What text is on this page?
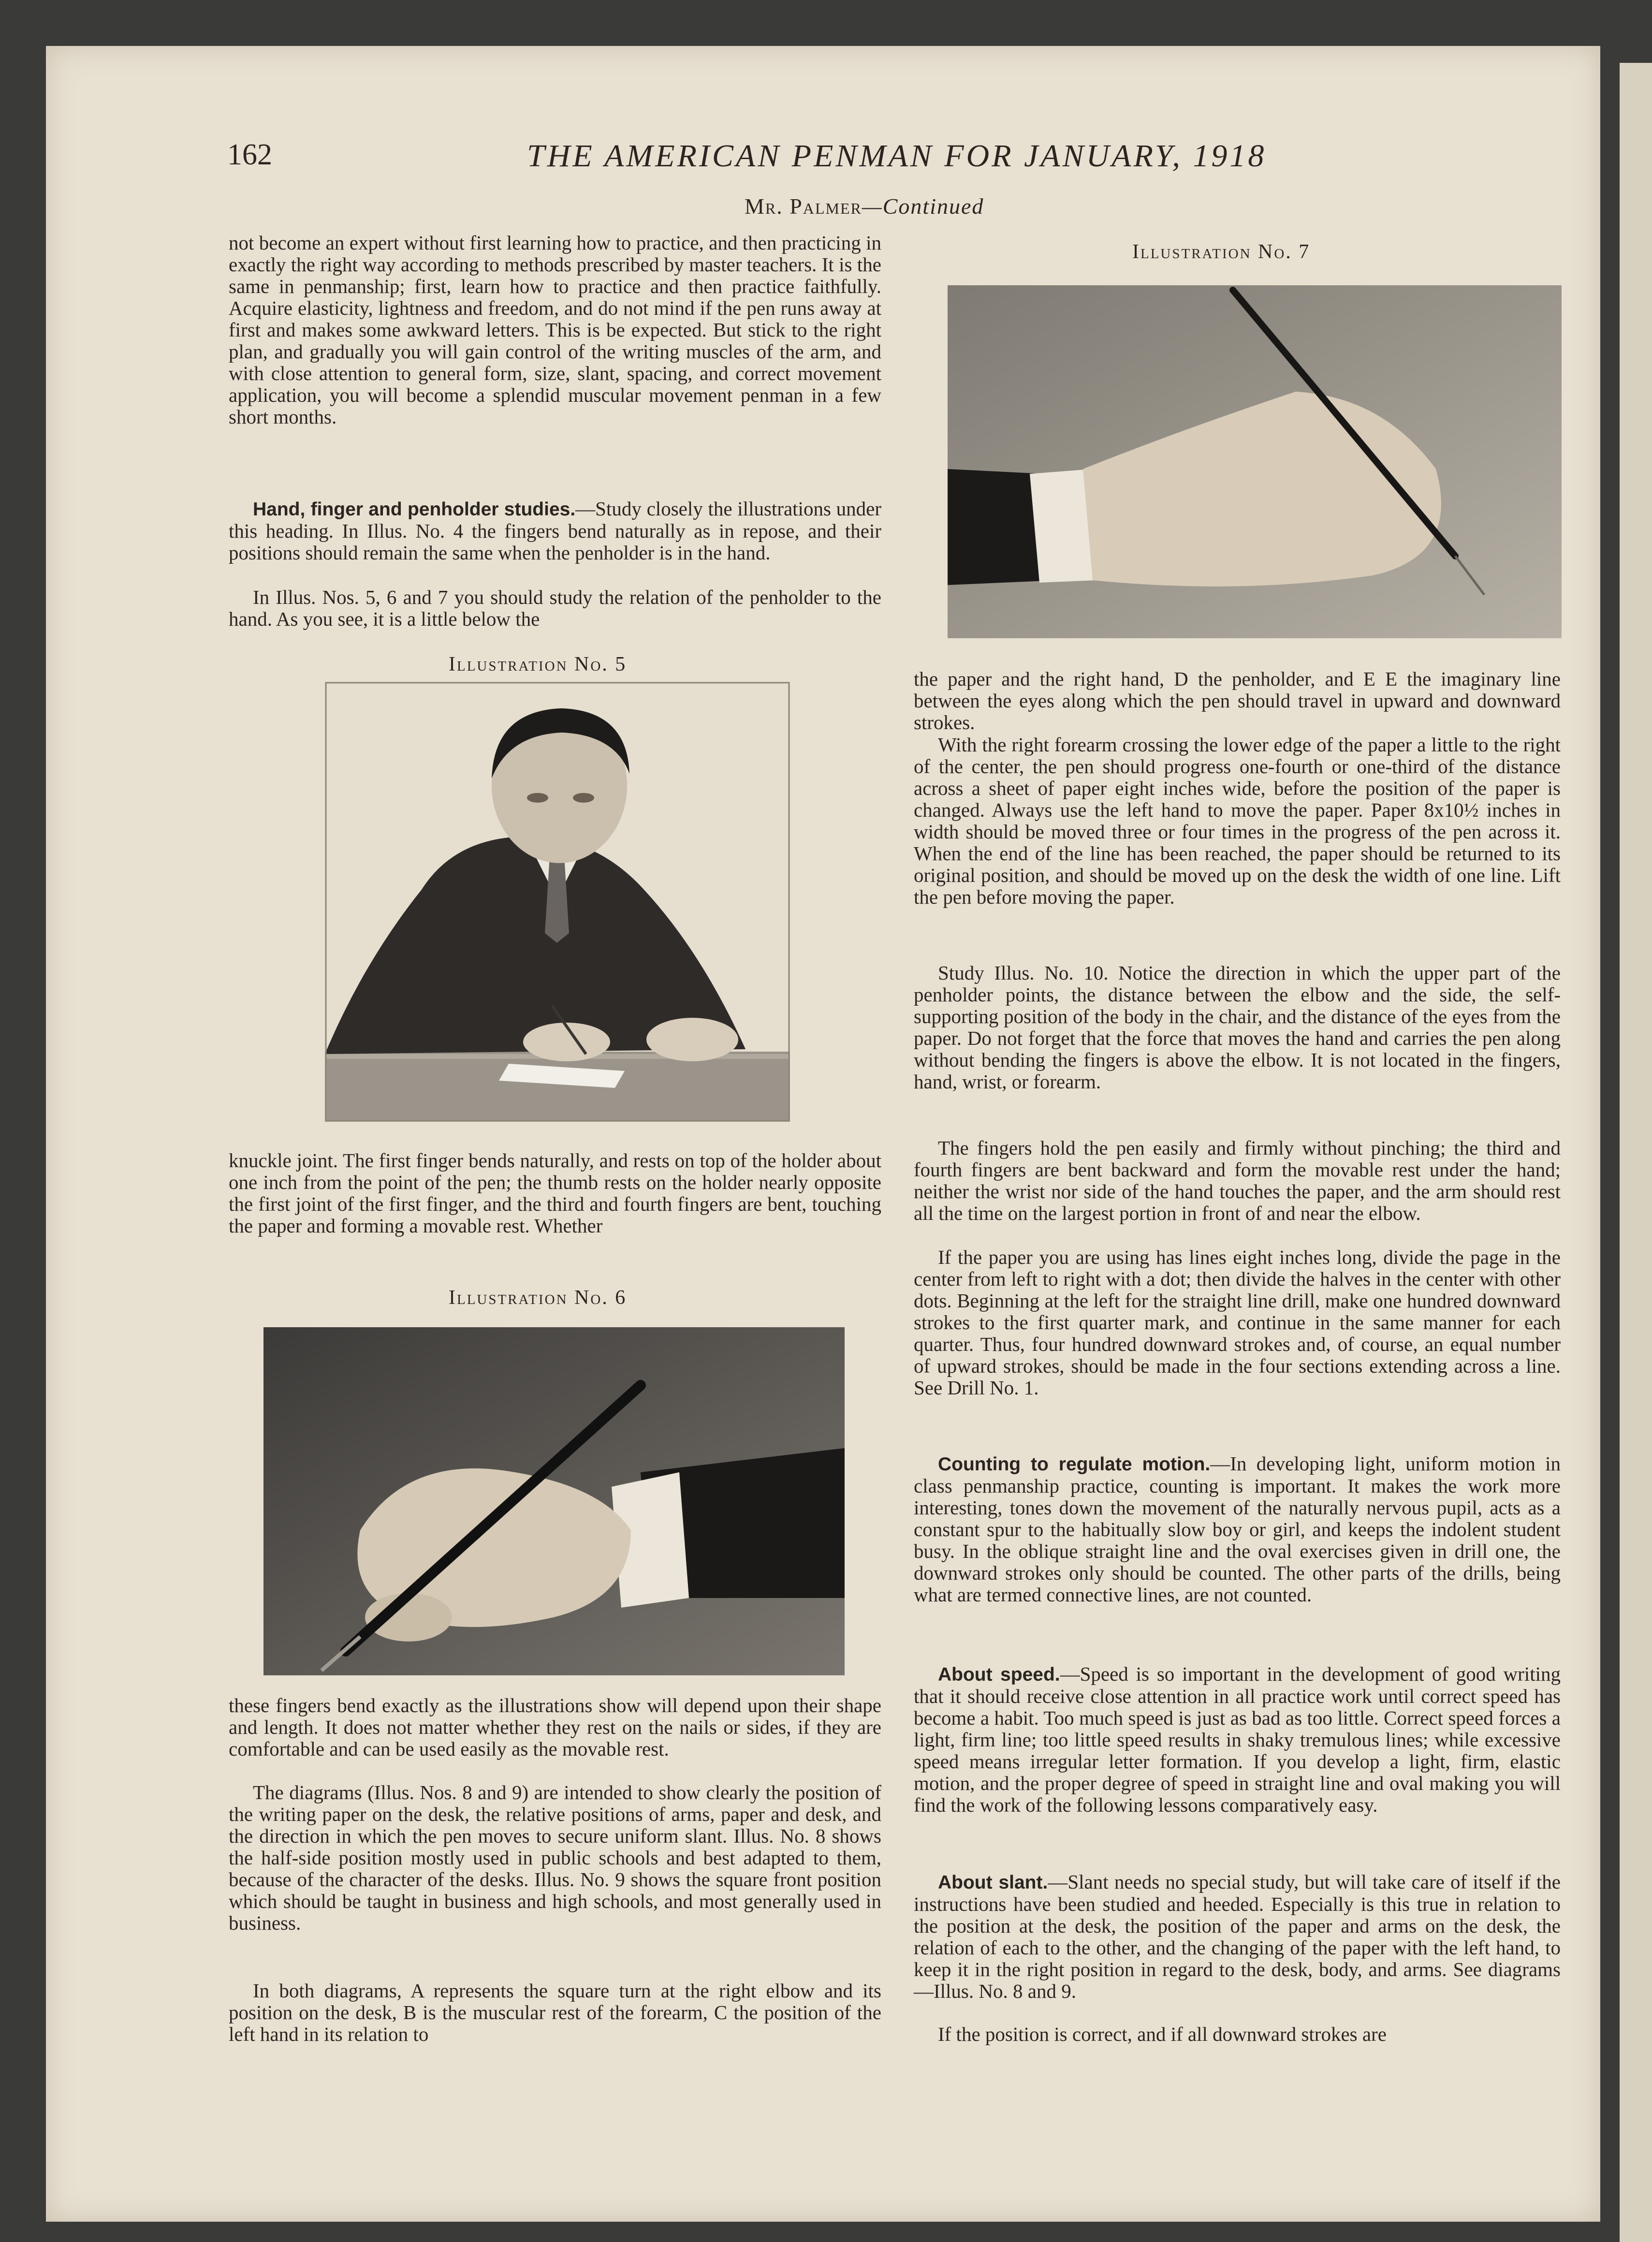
162	THE AMERICAN PENMAN FOR JANUARY, 1918
Mr. Palmer—Continued

not become an expert without first learning how to practice, and then practicing in exactly the right way according to methods prescribed by master teachers. It is the same in penmanship; first, learn how to practice and then practice faithfully. Acquire elasticity, lightness and freedom, and do not mind if the pen runs away at first and makes some awkward letters. This is be expected. But stick to the right plan, and gradually you will gain control of the writing muscles of the arm, and with close attention to general form, size, slant, spacing, and correct movement application, you will become a splendid muscular movement penman in a few short months.

Hand, finger and penholder studies.—Study closely the illustrations under this heading. In Illus. No. 4 the fingers bend naturally as in repose, and their positions should remain the same when the penholder is in the hand.

In Illus. Nos. 5, 6 and 7 you should study the relation of the penholder to the hand. As you see, it is a little below the

Illustration No. 5

knuckle joint. The first finger bends naturally, and rests on top of the holder about one inch from the point of the pen; the thumb rests on the holder nearly opposite the first joint of the first finger, and the third and fourth fingers are bent, touching the paper and forming a movable rest. Whether

Illustration No. 6

these fingers bend exactly as the illustrations show will depend upon their shape and length. It does not matter whether they rest on the nails or sides, if they are comfortable and can be used easily as the movable rest.

The diagrams (Illus. Nos. 8 and 9) are intended to show clearly the position of the writing paper on the desk, the relative positions of arms, paper and desk, and the direction in which the pen moves to secure uniform slant. Illus. No. 8 shows the half-side position mostly used in public schools and best adapted to them, because of the character of the desks. Illus. No. 9 shows the square front position which should be taught in business and high schools, and most generally used in business.

In both diagrams, A represents the square turn at the right elbow and its position on the desk, B is the muscular rest of the forearm, C the position of the left hand in its relation to

Illustration No. 7

the paper and the right hand, D the penholder, and E E the imaginary line between the eyes along which the pen should travel in upward and downward strokes.

With the right forearm crossing the lower edge of the paper a little to the right of the center, the pen should progress one-fourth or one-third of the distance across a sheet of paper eight inches wide, before the position of the paper is changed. Always use the left hand to move the paper. Paper 8x10½ inches in width should be moved three or four times in the progress of the pen across it. When the end of the line has been reached, the paper should be returned to its original position, and should be moved up on the desk the width of one line. Lift the pen before moving the paper.

Study Illus. No. 10. Notice the direction in which the upper part of the penholder points, the distance between the elbow and the side, the self-supporting position of the body in the chair, and the distance of the eyes from the paper. Do not forget that the force that moves the hand and carries the pen along without bending the fingers is above the elbow. It is not located in the fingers, hand, wrist, or forearm.

The fingers hold the pen easily and firmly without pinching; the third and fourth fingers are bent backward and form the movable rest under the hand; neither the wrist nor side of the hand touches the paper, and the arm should rest all the time on the largest portion in front of and near the elbow.

If the paper you are using has lines eight inches long, divide the page in the center from left to right with a dot; then divide the halves in the center with other dots. Beginning at the left for the straight line drill, make one hundred downward strokes to the first quarter mark, and continue in the same manner for each quarter. Thus, four hundred downward strokes and, of course, an equal number of upward strokes, should be made in the four sections extending across a line. See Drill No. 1.

Counting to regulate motion.—In developing light, uniform motion in class penmanship practice, counting is important. It makes the work more interesting, tones down the movement of the naturally nervous pupil, acts as a constant spur to the habitually slow boy or girl, and keeps the indolent student busy. In the oblique straight line and the oval exercises given in drill one, the downward strokes only should be counted. The other parts of the drills, being what are termed connective lines, are not counted.

About speed.—Speed is so important in the development of good writing that it should receive close attention in all practice work until correct speed has become a habit. Too much speed is just as bad as too little. Correct speed forces a light, firm line; too little speed results in shaky tremulous lines; while excessive speed means irregular letter formation. If you develop a light, firm, elastic motion, and the proper degree of speed in straight line and oval making you will find the work of the following lessons comparatively easy.

About slant.—Slant needs no special study, but will take care of itself if the instructions have been studied and heeded. Especially is this true in relation to the position at the desk, the position of the paper and arms on the desk, the relation of each to the other, and the changing of the paper with the left hand, to keep it in the right position in regard to the desk, body, and arms. See diagrams—Illus. No. 8 and 9.

If the position is correct, and if all downward strokes are
